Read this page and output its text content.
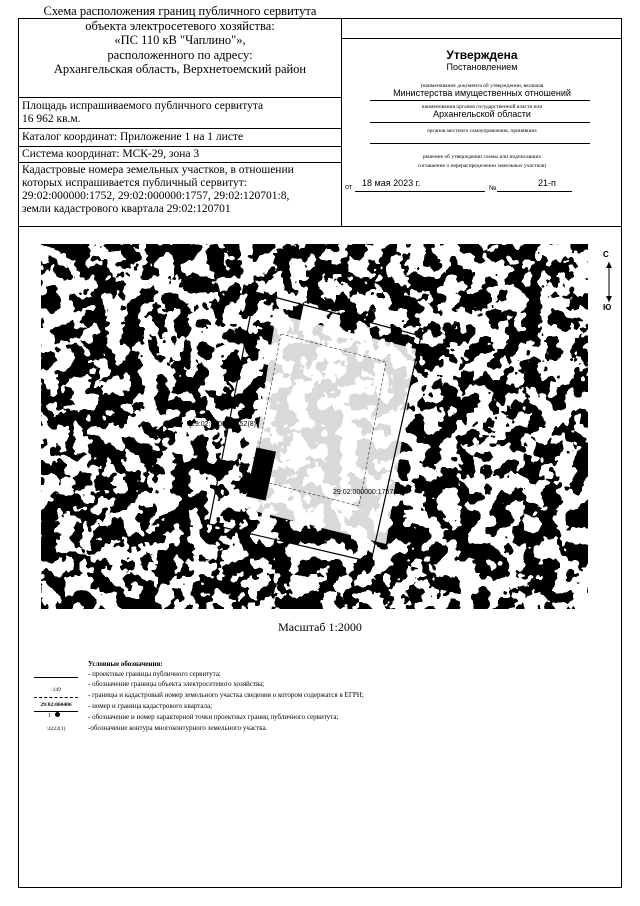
Схема расположения границ публичного сервитута
объекта электросетевого хозяйства:
«ПС 110 кВ "Чаплино"»,
расположенного по адресу:
Архангельская область, Верхнетоемский район
Площадь испрашиваемого публичного сервитута
16 962 кв.м.
Каталог координат: Приложение 1 на 1 листе
Система координат: МСК-29, зона 3
Кадастровые номера земельных участков, в отношении
которых испрашивается публичный сервитут:
29:02:000000:1752, 29:02:000000:1757, 29:02:120701:8,
земли кадастрового квартала 29:02:120701
Утверждена
Постановлением
(наименование документа об утверждении, включая
Министерства имущественных отношений
наименования органов государственной власти или
Архангельской области
органов местного самоуправления, принявших
решение об утверждении схемы или подписавших
соглашение о перераспределении земельных участков)
от 18 мая 2023 г.
№
21-п
29:02:00000:1752(8)
29:02:000000:1757(2)
С
Ю
Масштаб 1:2000
Условные обозначения:
- проектные границы публичного сервитута;
- обозначение границы объекта электросетевого хозяйства;
- границы и кадастровый номер земельного участка сведения о котором содержатся в ЕГРН;
- номер и граница кадастрового квартала;
- обозначение и номер характерной точки проектных границ публичного сервитута;
-обозначение контура многоконтурного земельного участка.
:149
29:02:060406
1
:4222(1)
